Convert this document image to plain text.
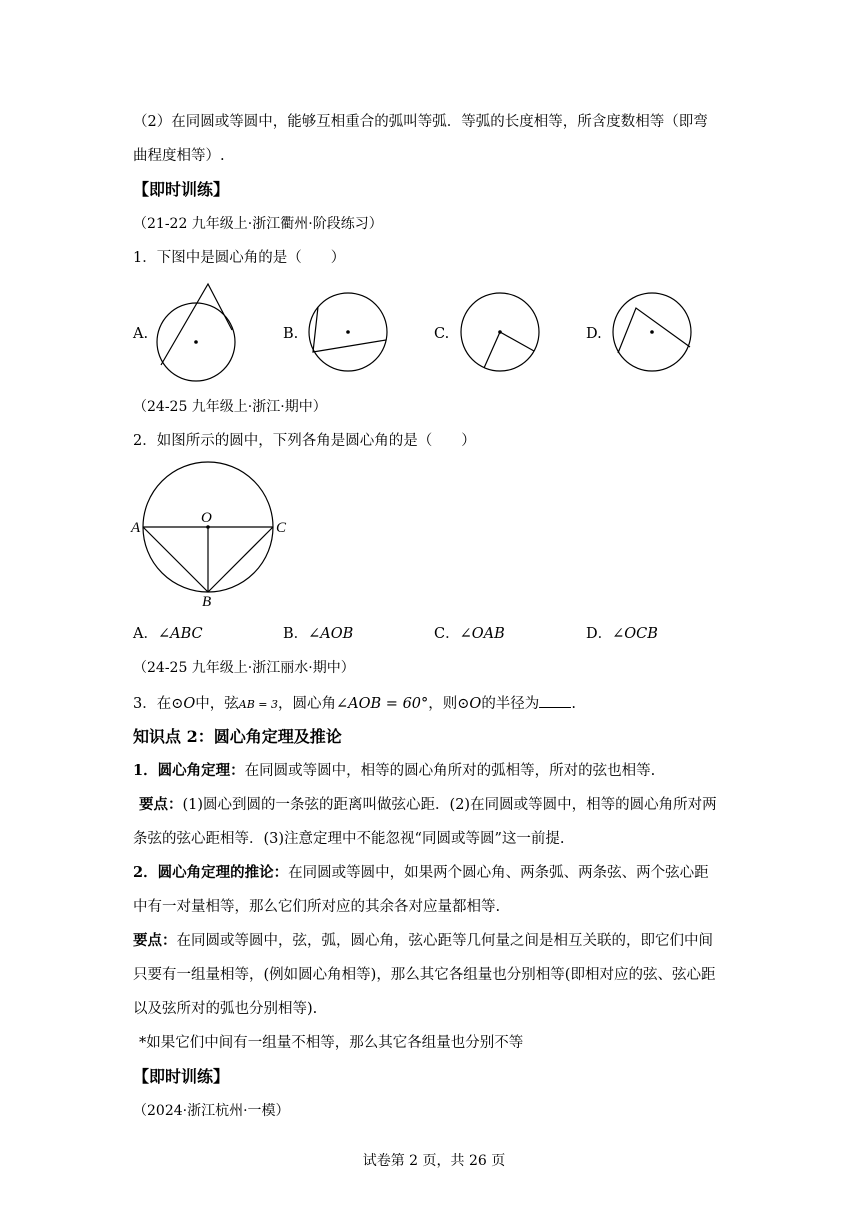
（2）在同圆或等圆中，能够互相重合的弧叫等弧．等弧的长度相等，所含度数相等（即弯
曲程度相等）.
【即时训练】
（21-22 九年级上·浙江衢州·阶段练习）
1．下图中是圆心角的是（　　）
A.	B.	C.	D.
（24-25 九年级上·浙江·期中）
2．如图所示的圆中，下列各角是圆心角的是（　　）
O
A	C
B
A．∠ABC	B．∠AOB	C．∠OAB	D．∠OCB
（24-25 九年级上·浙江丽水·期中）
3．在⊙O中，弦AB = 3，圆心角∠AOB = 60°，则⊙O的半径为 .
知识点 2：圆心角定理及推论
1．圆心角定理：在同圆或等圆中，相等的圆心角所对的弧相等，所对的弦也相等.
要点：(1)圆心到圆的一条弦的距离叫做弦心距．(2)在同圆或等圆中，相等的圆心角所对两
条弦的弦心距相等．(3)注意定理中不能忽视“同圆或等圆”这一前提.
2．圆心角定理的推论：在同圆或等圆中，如果两个圆心角、两条弧、两条弦、两个弦心距
中有一对量相等，那么它们所对应的其余各对应量都相等.
要点：在同圆或等圆中，弦，弧，圆心角，弦心距等几何量之间是相互关联的，即它们中间
只要有一组量相等，(例如圆心角相等)，那么其它各组量也分别相等(即相对应的弦、弦心距
以及弦所对的弧也分别相等).
*如果它们中间有一组量不相等，那么其它各组量也分别不等
【即时训练】
（2024·浙江杭州·一模）
试卷第 2 页，共 26 页
